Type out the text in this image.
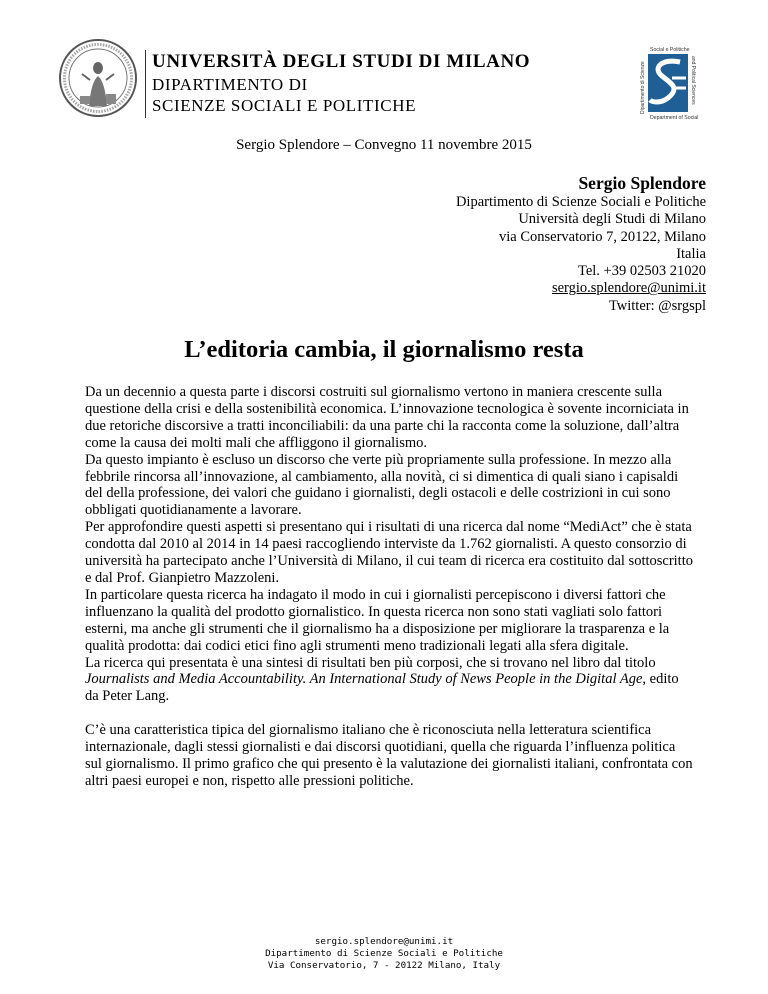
UNIVERSITÀ DEGLI STUDI DI MILANO
DIPARTIMENTO DI
SCIENZE SOCIALI E POLITICHE
Social e Politiche
Dipartimento di Scienze	and Political Sciences
Department of Social
Sergio Splendore – Convegno 11 novembre 2015
Sergio Splendore
Dipartimento di Scienze Sociali e Politiche
Università degli Studi di Milano
via Conservatorio 7, 20122, Milano
Italia
Tel. +39 02503 21020
sergio.splendore@unimi.it
Twitter: @srgspl
L’editoria cambia, il giornalismo resta

Da un decennio a questa parte i discorsi costruiti sul giornalismo vertono in maniera crescente sulla questione della crisi e della sostenibilità economica. L’innovazione tecnologica è sovente incorniciata in due retoriche discorsive a tratti inconciliabili: da una parte chi la racconta come la soluzione, dall’altra come la causa dei molti mali che affliggono il giornalismo.

Da questo impianto è escluso un discorso che verte più propriamente sulla professione. In mezzo alla febbrile rincorsa all’innovazione, al cambiamento, alla novità, ci si dimentica di quali siano i capisaldi del della professione, dei valori che guidano i giornalisti, degli ostacoli e delle costrizioni in cui sono obbligati quotidianamente a lavorare.

Per approfondire questi aspetti si presentano qui i risultati di una ricerca dal nome “MediAct” che è stata condotta dal 2010 al 2014 in 14 paesi raccogliendo interviste da 1.762 giornalisti. A questo consorzio di università ha partecipato anche l’Università di Milano, il cui team di ricerca era costituito dal sottoscritto e dal Prof. Gianpietro Mazzoleni.

In particolare questa ricerca ha indagato il modo in cui i giornalisti percepiscono i diversi fattori che influenzano la qualità del prodotto giornalistico. In questa ricerca non sono stati vagliati solo fattori esterni, ma anche gli strumenti che il giornalismo ha a disposizione per migliorare la trasparenza e la qualità prodotta: dai codici etici fino agli strumenti meno tradizionali legati alla sfera digitale.

La ricerca qui presentata è una sintesi di risultati ben più corposi, che si trovano nel libro dal titolo Journalists and Media Accountability. An International Study of News People in the Digital Age, edito da Peter Lang.

C’è una caratteristica tipica del giornalismo italiano che è riconosciuta nella letteratura scientifica internazionale, dagli stessi giornalisti e dai discorsi quotidiani, quella che riguarda l’influenza politica sul giornalismo. Il primo grafico che qui presento è la valutazione dei giornalisti italiani, confrontata con altri paesi europei e non, rispetto alle pressioni politiche.

sergio.splendore@unimi.it
Dipartimento di Scienze Sociali e Politiche
Via Conservatorio, 7 - 20122 Milano, Italy
